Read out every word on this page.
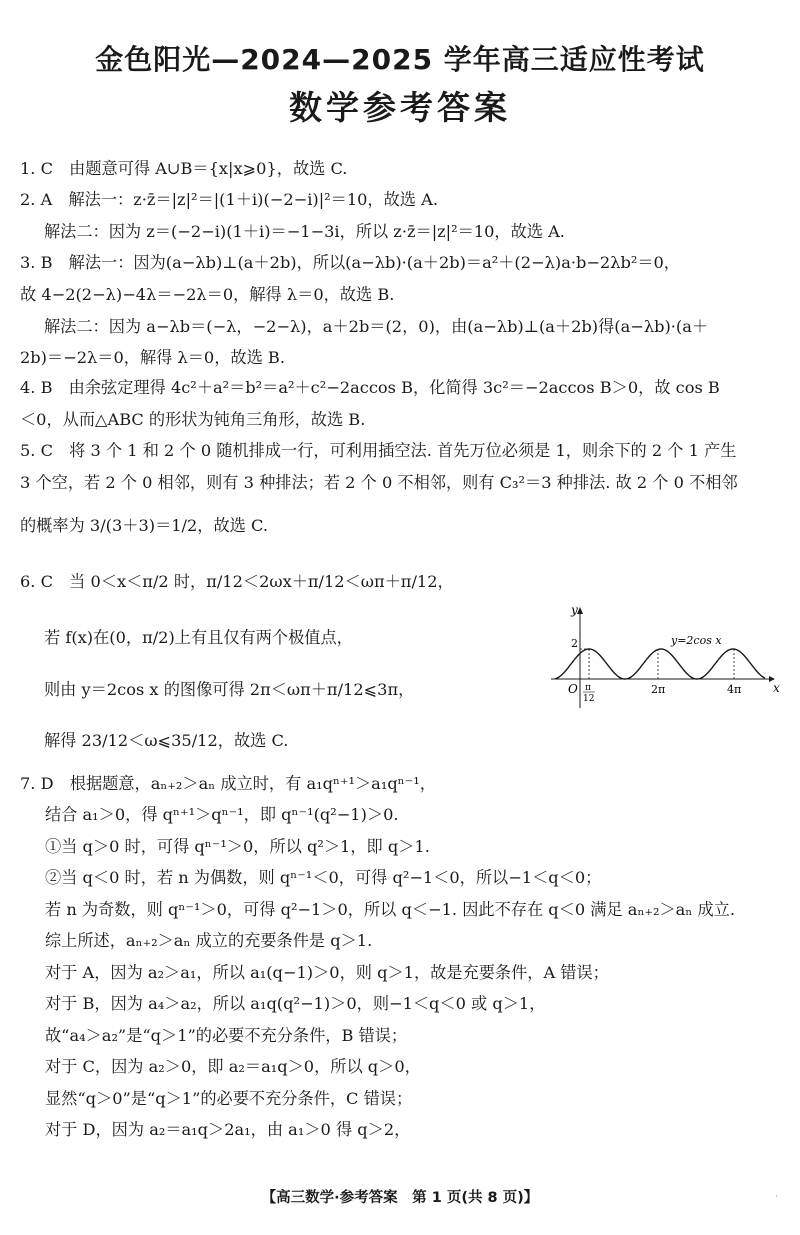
金色阳光—2024—2025 学年高三适应性考试
数学参考答案
1. C　由题意可得 A∪B＝{x|x⩾0}，故选 C.
2. A　解法一：z·z̄＝|z|²＝|(1＋i)(−2−i)|²＝10，故选 A.
解法二：因为 z＝(−2−i)(1＋i)＝−1−3i，所以 z·z̄＝|z|²＝10，故选 A.
3. B　解法一：因为(a−λb)⊥(a＋2b)，所以(a−λb)·(a＋2b)＝a²＋(2−λ)a·b−2λb²＝0，
故 4−2(2−λ)−4λ＝−2λ＝0，解得 λ＝0，故选 B.
解法二：因为 a−λb＝(−λ，−2−λ)，a＋2b＝(2，0)，由(a−λb)⊥(a＋2b)得(a−λb)·(a＋
2b)＝−2λ＝0，解得 λ＝0，故选 B.
4. B　由余弦定理得 4c²＋a²＝b²＝a²＋c²−2accos B，化简得 3c²＝−2accos B＞0，故 cos B
＜0，从而△ABC 的形状为钝角三角形，故选 B.
5. C　将 3 个 1 和 2 个 0 随机排成一行，可利用插空法. 首先万位必须是 1，则余下的 2 个 1 产生
3 个空，若 2 个 0 相邻，则有 3 种排法；若 2 个 0 不相邻，则有 C₃²＝3 种排法. 故 2 个 0 不相邻
的概率为 3/(3＋3)＝1/2，故选 C.
6. C　当 0＜x＜π/2 时，π/12＜2ωx＋π/12＜ωπ＋π/12，
若 f(x)在(0，π/2)上有且仅有两个极值点，
则由 y＝2cos x 的图像可得 2π＜ωπ＋π/12⩽3π，
解得 23/12＜ω⩽35/12，故选 C.
y
x
O
2
π
12
2π	4π
y=2cos x
7. D　根据题意，aₙ₊₂＞aₙ 成立时，有 a₁qⁿ⁺¹＞a₁qⁿ⁻¹，
结合 a₁＞0，得 qⁿ⁺¹＞qⁿ⁻¹，即 qⁿ⁻¹(q²−1)＞0.
①当 q＞0 时，可得 qⁿ⁻¹＞0，所以 q²＞1，即 q＞1.
②当 q＜0 时，若 n 为偶数，则 qⁿ⁻¹＜0，可得 q²−1＜0，所以−1＜q＜0；
若 n 为奇数，则 qⁿ⁻¹＞0，可得 q²−1＞0，所以 q＜−1. 因此不存在 q＜0 满足 aₙ₊₂＞aₙ 成立.
综上所述，aₙ₊₂＞aₙ 成立的充要条件是 q＞1.
对于 A，因为 a₂＞a₁，所以 a₁(q−1)＞0，则 q＞1，故是充要条件，A 错误；
对于 B，因为 a₄＞a₂，所以 a₁q(q²−1)＞0，则−1＜q＜0 或 q＞1，
故“a₄＞a₂”是“q＞1”的必要不充分条件，B 错误；
对于 C，因为 a₂＞0，即 a₂＝a₁q＞0，所以 q＞0，
显然“q＞0”是“q＞1”的必要不充分条件，C 错误；
对于 D，因为 a₂＝a₁q＞2a₁，由 a₁＞0 得 q＞2，
【高三数学·参考答案　第 1 页(共 8 页)】	·
